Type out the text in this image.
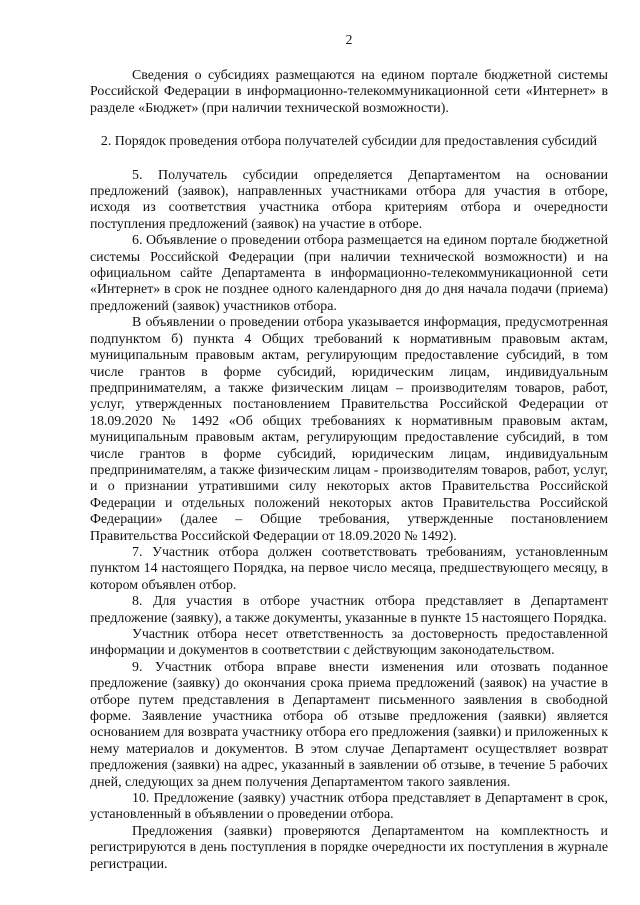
2

Сведения о субсидиях размещаются на едином портале бюджетной системы Российской Федерации в информационно-телекоммуникационной сети «Интернет» в разделе «Бюджет» (при наличии технической возможности).

2. Порядок проведения отбора получателей субсидии для предоставления субсидий

5. Получатель субсидии определяется Департаментом на основании предложений (заявок), направленных участниками отбора для участия в отборе, исходя из соответствия участника отбора критериям отбора и очередности поступления предложений (заявок) на участие в отборе.

6. Объявление о проведении отбора размещается на едином портале бюджетной системы Российской Федерации (при наличии технической возможности) и на официальном сайте Департамента в информационно-телекоммуникационной сети «Интернет» в срок не позднее одного календарного дня до дня начала подачи (приема) предложений (заявок) участников отбора.

В объявлении о проведении отбора указывается информация, предусмотренная подпунктом б) пункта 4 Общих требований к нормативным правовым актам, муниципальным правовым актам, регулирующим предоставление субсидий, в том числе грантов в форме субсидий, юридическим лицам, индивидуальным предпринимателям, а также физическим лицам – производителям товаров, работ, услуг, утвержденных постановлением Правительства Российской Федерации от 18.09.2020 № 1492 «Об общих требованиях к нормативным правовым актам, муниципальным правовым актам, регулирующим предоставление субсидий, в том числе грантов в форме субсидий, юридическим лицам, индивидуальным предпринимателям, а также физическим лицам - производителям товаров, работ, услуг, и о признании утратившими силу некоторых актов Правительства Российской Федерации и отдельных положений некоторых актов Правительства Российской Федерации» (далее – Общие требования, утвержденные постановлением Правительства Российской Федерации от 18.09.2020 № 1492).

7. Участник отбора должен соответствовать требованиям, установленным пунктом 14 настоящего Порядка, на первое число месяца, предшествующего месяцу, в котором объявлен отбор.

8. Для участия в отборе участник отбора представляет в Департамент предложение (заявку), а также документы, указанные в пункте 15 настоящего Порядка.

Участник отбора несет ответственность за достоверность предоставленной информации и документов в соответствии с действующим законодательством.

9. Участник отбора вправе внести изменения или отозвать поданное предложение (заявку) до окончания срока приема предложений (заявок) на участие в отборе путем представления в Департамент письменного заявления в свободной форме. Заявление участника отбора об отзыве предложения (заявки) является основанием для возврата участнику отбора его предложения (заявки) и приложенных к нему материалов и документов. В этом случае Департамент осуществляет возврат предложения (заявки) на адрес, указанный в заявлении об отзыве, в течение 5 рабочих дней, следующих за днем получения Департаментом такого заявления.

10. Предложение (заявку) участник отбора представляет в Департамент в срок, установленный в объявлении о проведении отбора.

Предложения (заявки) проверяются Департаментом на комплектность и регистрируются в день поступления в порядке очередности их поступления в журнале регистрации.
